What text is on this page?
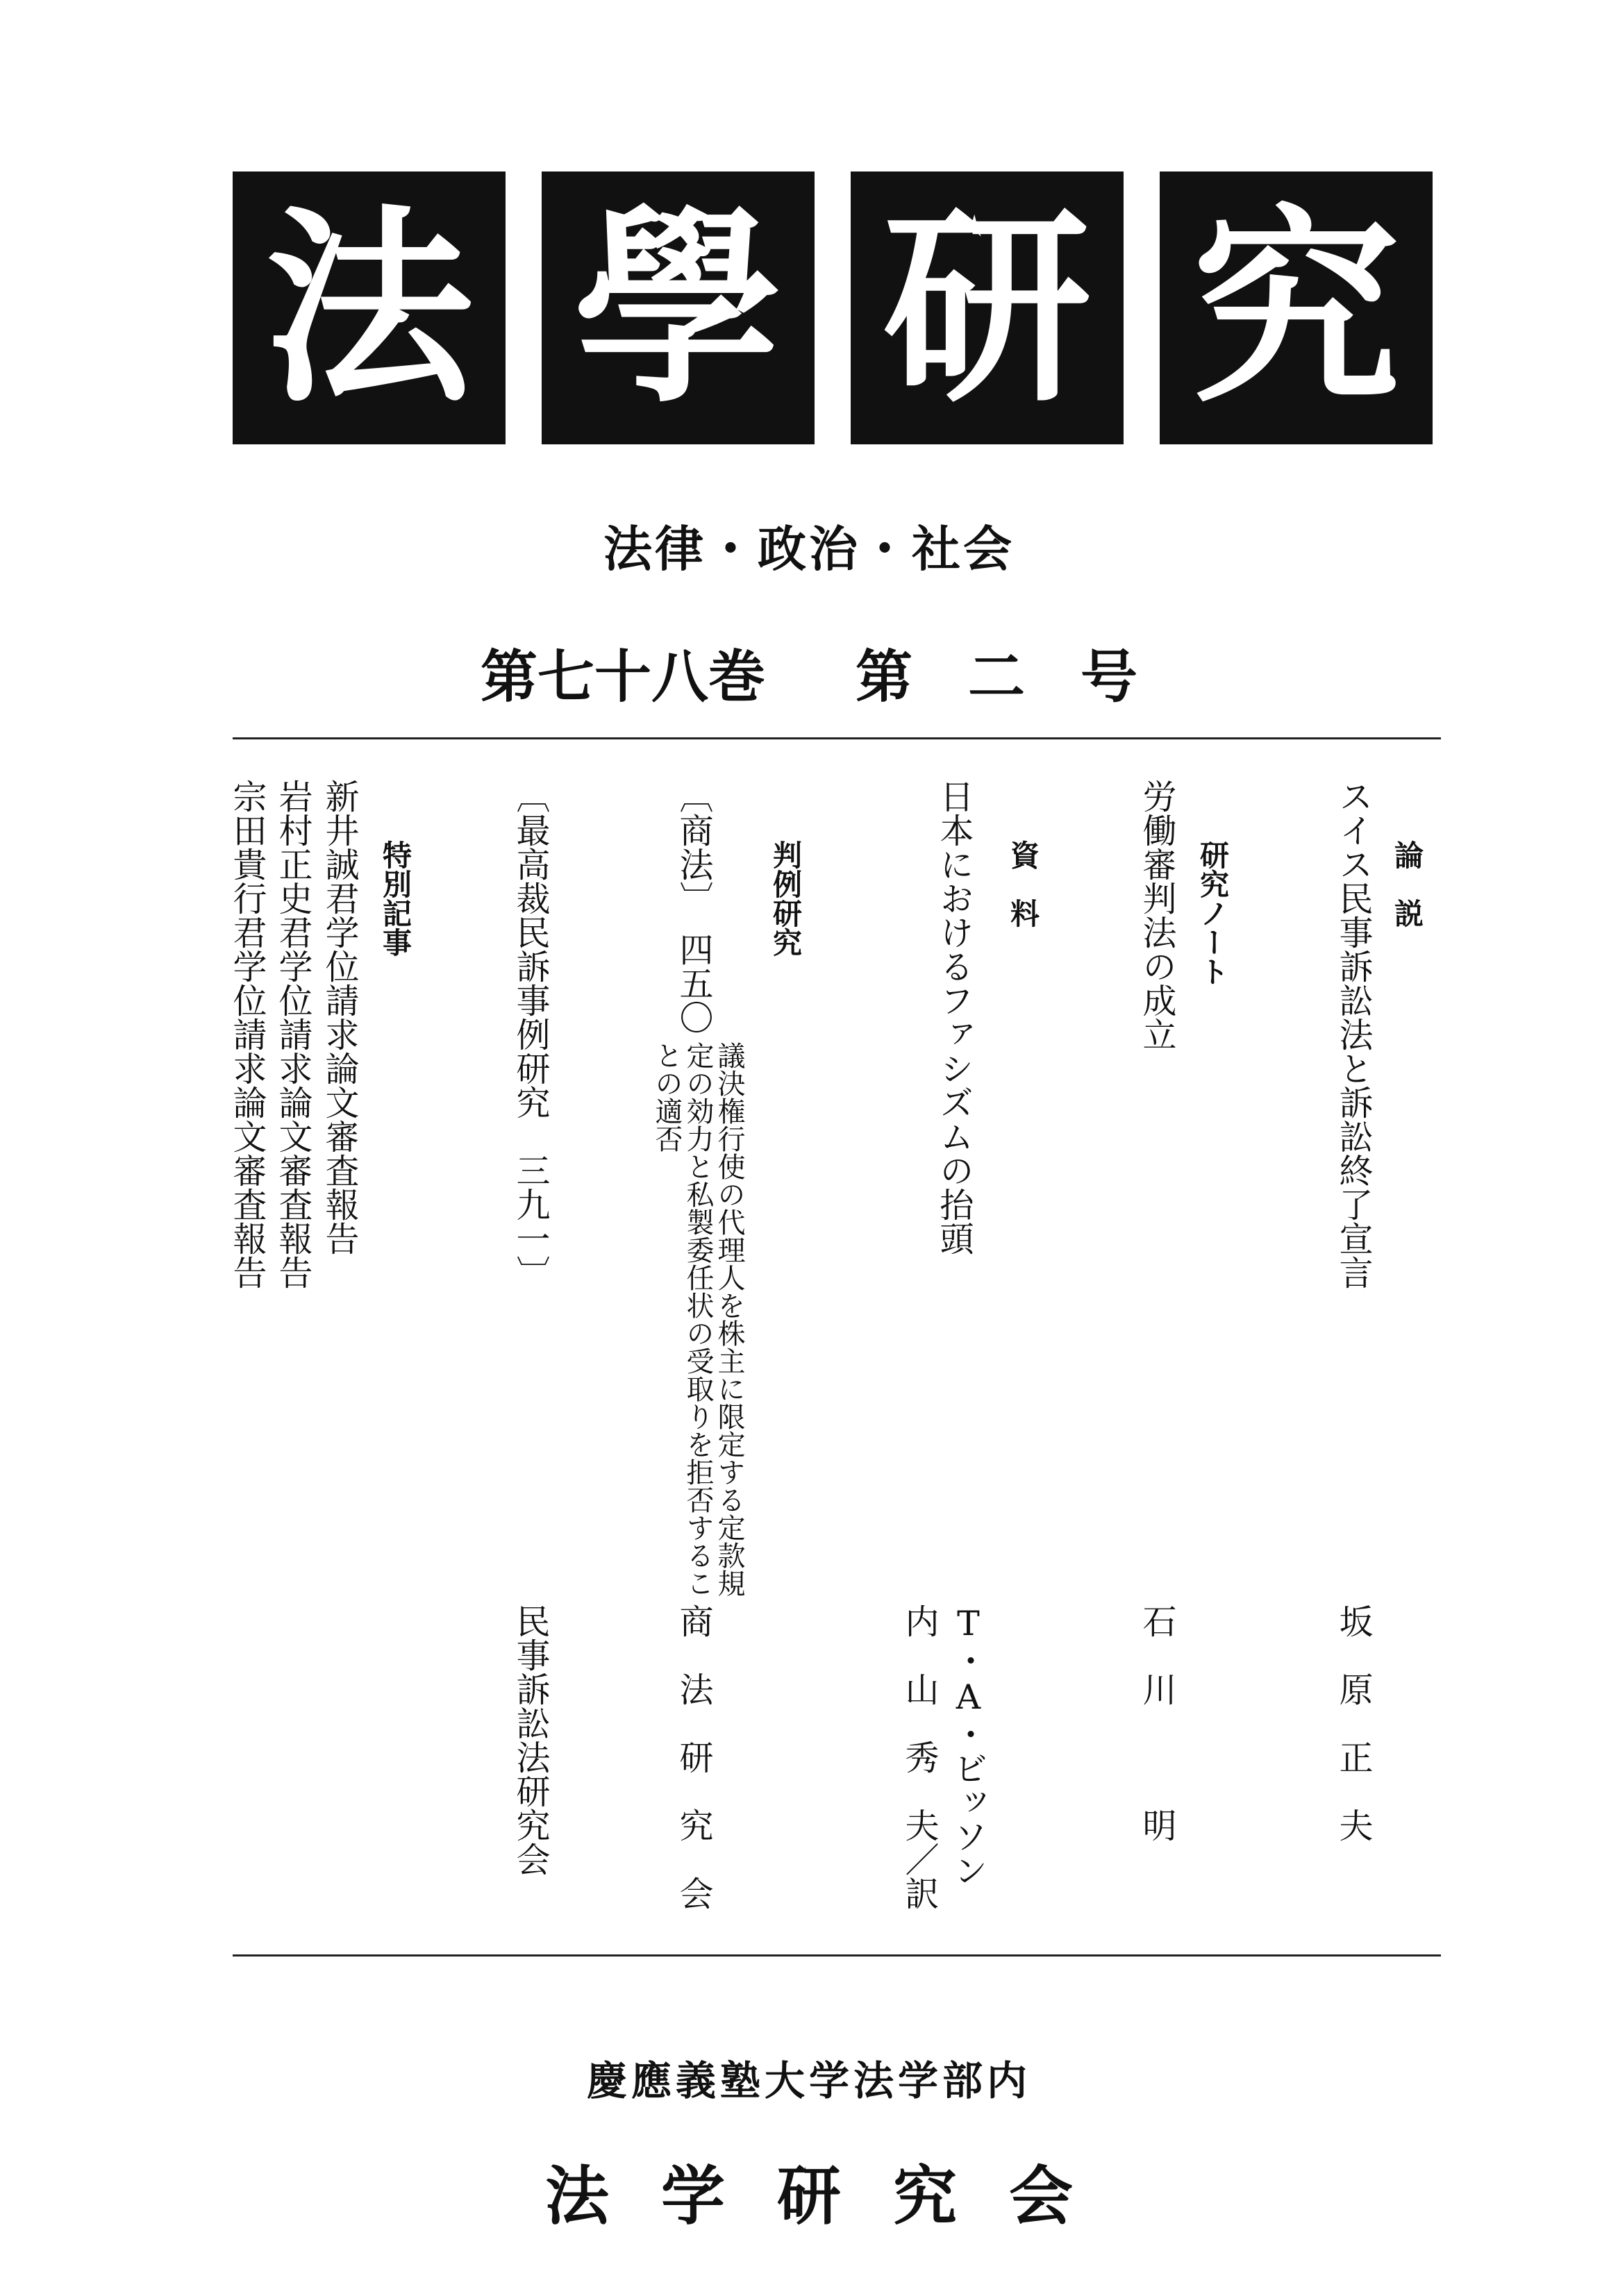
法 學 研 究
法律・政治・社会
第七十八巻 第 二 号
論　説
スイス民事訴訟法と訴訟終了宣言
坂　原　正　夫
研究ノート
労働審判法の成立
石　川　　　明
資　料
日本におけるファシズムの抬頭
T・A・ビッソン
内　山　秀　夫／訳
判例研究
〔商法〕　四五〇
議決権行使の代理人を株主に限定する定款規
定の効力と私製委任状の受取りを拒否するこ
との適否
商　法　研　究　会
〔最高裁民訴事例研究　三九一〕
民事訴訟法研究会
特別記事
新井誠君学位請求論文審査報告
岩村正史君学位請求論文審査報告
宗田貴行君学位請求論文審査報告
慶應義塾大学法学部内
法 学 研 究 会
